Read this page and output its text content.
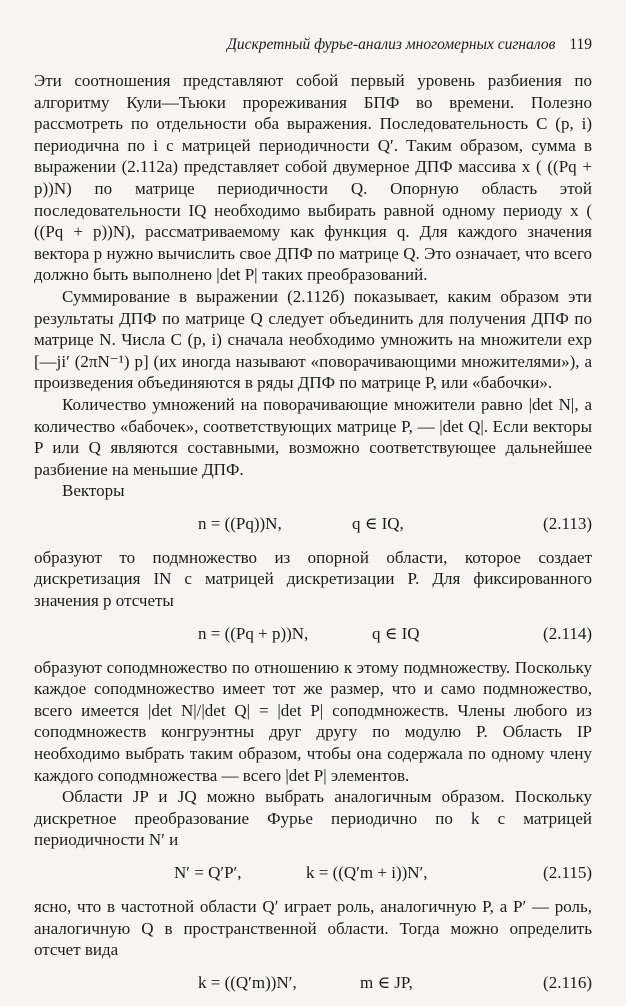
Дискретный фурье-анализ многомерных сигналов 119

Эти соотношения представляют собой первый уровень разбиения по алгоритму Кули—Тьюки прореживания БПФ во времени. Полезно рассмотреть по отдельности оба выражения. Последовательность C (p, i) периодична по i с матрицей периодичности Q′. Таким образом, сумма в выражении (2.112а) представляет собой двумерное ДПФ массива x ( ((Pq + p))N) по матрице периодичности Q. Опорную область этой последовательности IQ необходимо выбирать равной одному периоду x ( ((Pq + p))N), рассматриваемому как функция q. Для каждого значения вектора p нужно вычислить свое ДПФ по матрице Q. Это означает, что всего должно быть выполнено |det P| таких преобразований.

Суммирование в выражении (2.112б) показывает, каким образом эти результаты ДПФ по матрице Q следует объединить для получения ДПФ по матрице N. Числа C (p, i) сначала необходимо умножить на множители exp [—ji′ (2πN⁻¹) p] (их иногда называют «поворачивающими множителями»), а произведения объединяются в ряды ДПФ по матрице P, или «бабочки».

Количество умножений на поворачивающие множители равно |det N|, а количество «бабочек», соответствующих матрице P, — |det Q|. Если векторы P или Q являются составными, возможно соответствующее дальнейшее разбиение на меньшие ДПФ.

Векторы

n = ((Pq))N,	q ∈ IQ,	(2.113)

образуют то подмножество из опорной области, которое создает дискретизация IN с матрицей дискретизации P. Для фиксированного значения p отсчеты

n = ((Pq + p))N,	q ∈ IQ	(2.114)

образуют соподмножество по отношению к этому подмножеству. Поскольку каждое соподмножество имеет тот же размер, что и само подмножество, всего имеется |det N|/|det Q| = |det P| соподмножеств. Члены любого из соподмножеств конгруэнтны друг другу по модулю P. Область IP необходимо выбрать таким образом, чтобы она содержала по одному члену каждого соподмножества — всего |det P| элементов.

Области JP и JQ можно выбрать аналогичным образом. Поскольку дискретное преобразование Фурье периодично по k с матрицей периодичности N′ и

N′ = Q′P′,	k = ((Q′m + i))N′,	(2.115)

ясно, что в частотной области Q′ играет роль, аналогичную P, а P′ — роль, аналогичную Q в пространственной области. Тогда можно определить отсчет вида

k = ((Q′m))N′,	m ∈ JP,	(2.116)
